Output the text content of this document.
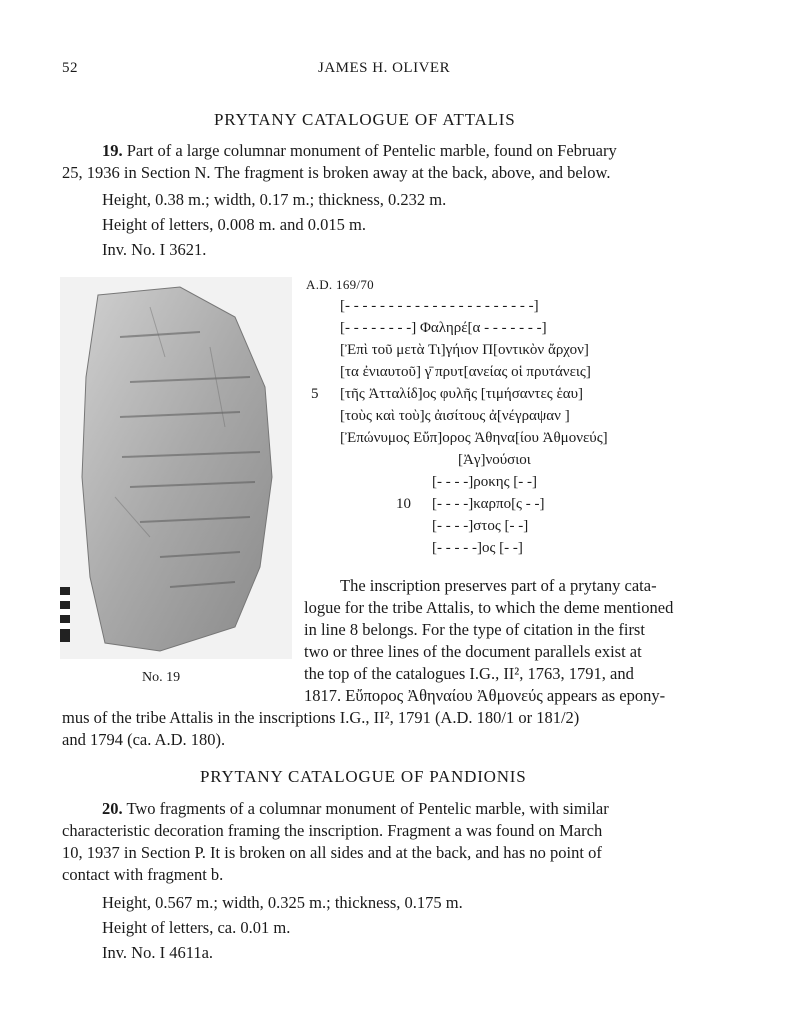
52	JAMES H. OLIVER
PRYTANY CATALOGUE OF ATTALIS
19. Part of a large columnar monument of Pentelic marble, found on February
25, 1936 in Section N. The fragment is broken away at the back, above, and below.
Height, 0.38 m.; width, 0.17 m.; thickness, 0.232 m.
Height of letters, 0.008 m. and 0.015 m.
Inv. No. I 3621.
No. 19
A.D. 169/70
[- - - - - - - - - - - - - - - - - - - - - -]
[- - - - - - - -] Φαληρέ[α - - - - - - -]
[Ἐπὶ τοῦ μετὰ Τι]γήιον Π[οντικὸν ἄρχον]
[τα ἐνιαυτοῦ] γ̄ πρυτ[ανείας οἱ πρυτάνεις]
5 [τῆς Ἀτταλίδ]ος φυλῆς [τιμήσαντες ἑαυ]
[τοὺς καὶ τοὺ]ς ἀισίτους ἀ[νέγραψαν ]
[Ἐπώνυμος Εὔπ]ορος Ἀθηνα[ίου Ἀθμονεύς]
[Ἀγ]νούσιοι
[- - - -]ρoκης [- -]
10 [- - - -]καρπο[ς - -]
[- - - -]στος [- -]
[- - - - -]ος [- -]
The inscription preserves part of a prytany cata-
logue for the tribe Attalis, to which the deme mentioned
in line 8 belongs. For the type of citation in the first
two or three lines of the document parallels exist at
the top of the catalogues I.G., II², 1763, 1791, and
1817. Εὔπορος Ἀθηναίου Ἀθμονεύς appears as epony-
mus of the tribe Attalis in the inscriptions I.G., II², 1791 (A.D. 180/1 or 181/2)
and 1794 (ca. A.D. 180).
PRYTANY CATALOGUE OF PANDIONIS
20. Two fragments of a columnar monument of Pentelic marble, with similar
characteristic decoration framing the inscription. Fragment a was found on March
10, 1937 in Section P. It is broken on all sides and at the back, and has no point of
contact with fragment b.
Height, 0.567 m.; width, 0.325 m.; thickness, 0.175 m.
Height of letters, ca. 0.01 m.
Inv. No. I 4611a.
